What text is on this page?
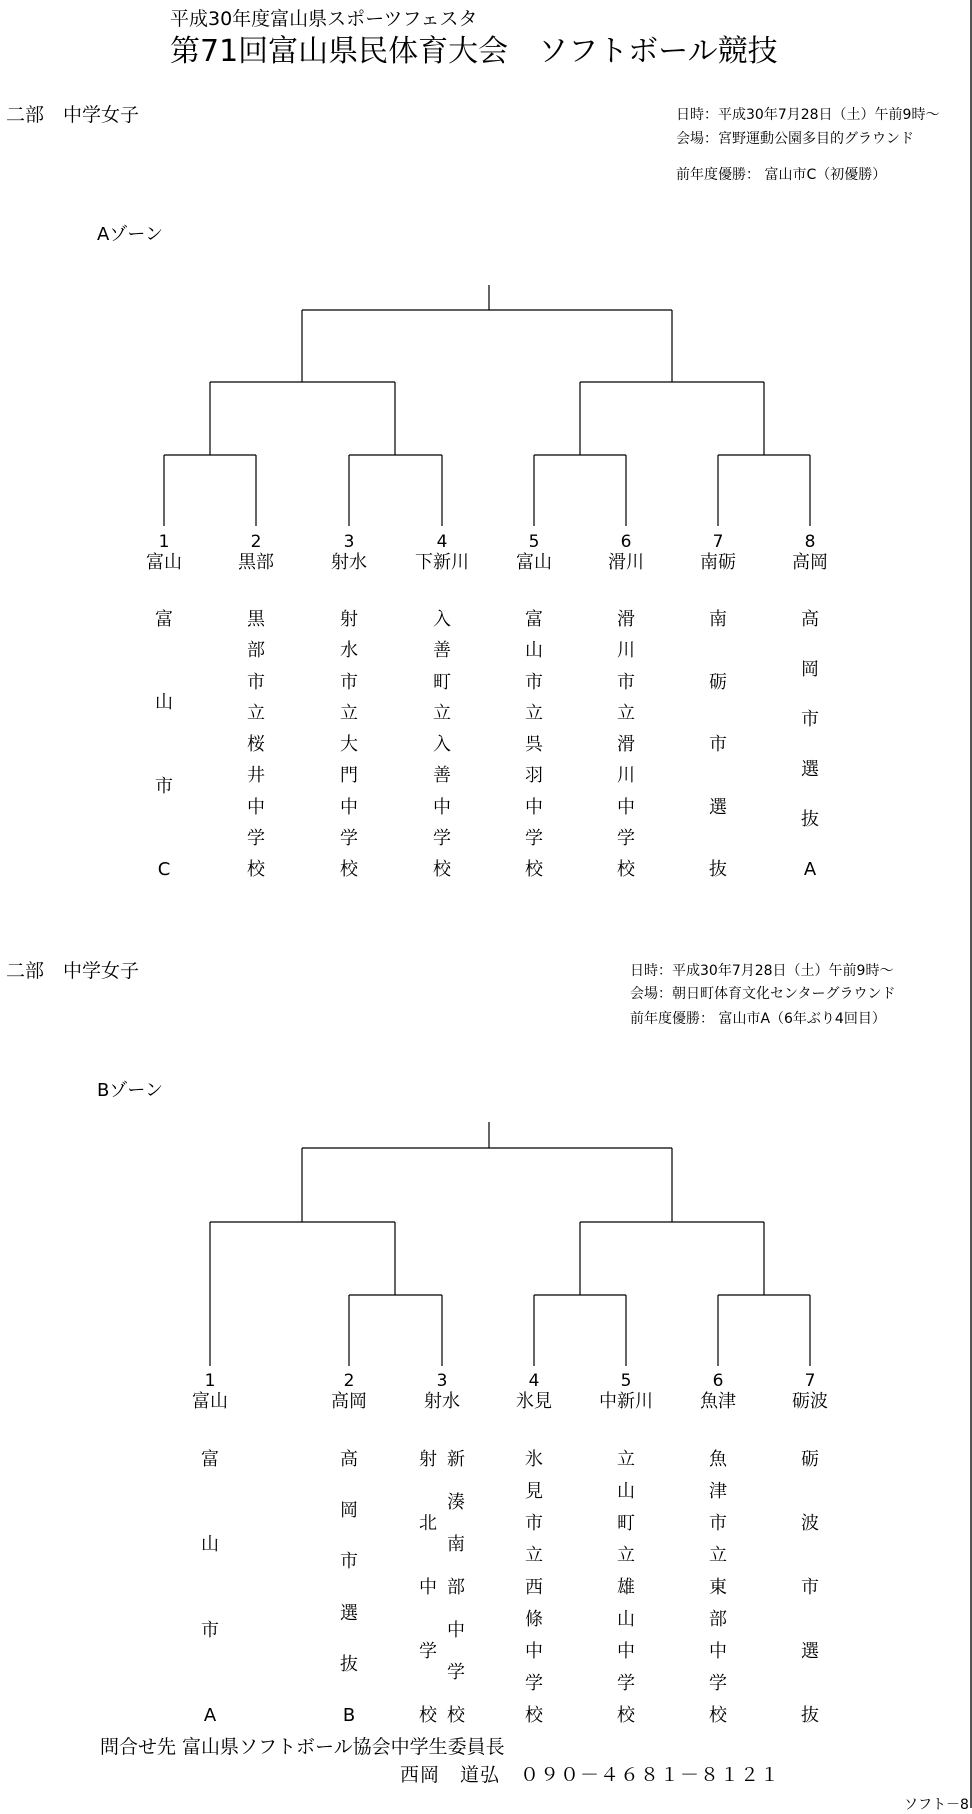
平成30年度富山県スポーツフェスタ
第71回富山県民体育大会　ソフトボール競技
二部　中学女子	日時：平成30年7月28日（土）午前9時～
会場：宮野運動公園多目的グラウンド
前年度優勝： 富山市C（初優勝）
Aゾーン
1
富山
富
山
市
C
2
黒部
黒
部
市
立
桜
井
中
学
校
3
射水
射
水
市
立
大
門
中
学
校
4
下新川
入
善
町
立
入
善
中
学
校
5
富山
富
山
市
立
呉
羽
中
学
校
6
滑川
滑
川
市
立
滑
川
中
学
校
7
南砺
南
砺
市
選
抜
8
高岡
高
岡
市
選
抜
A
二部　中学女子	日時：平成30年7月28日（土）午前9時～
会場：朝日町体育文化センターグラウンド
前年度優勝： 富山市A（6年ぶり4回目）
Bゾーン
1
富山
富
山
市
A
2
高岡
高
岡
市
選
抜
B
3
射水
射
北
中
学
校
新
湊
南
部
中
学
校
4
氷見
氷
見
市
立
西
條
中
学
校
5
中新川
立
山
町
立
雄
山
中
学
校
6
魚津
魚
津
市
立
東
部
中
学
校
7
砺波
砺
波
市
選
抜
問合せ先 富山県ソフトボール協会中学生委員長
西岡　道弘　０９０－４６８１－８１２１
ソフト－8
